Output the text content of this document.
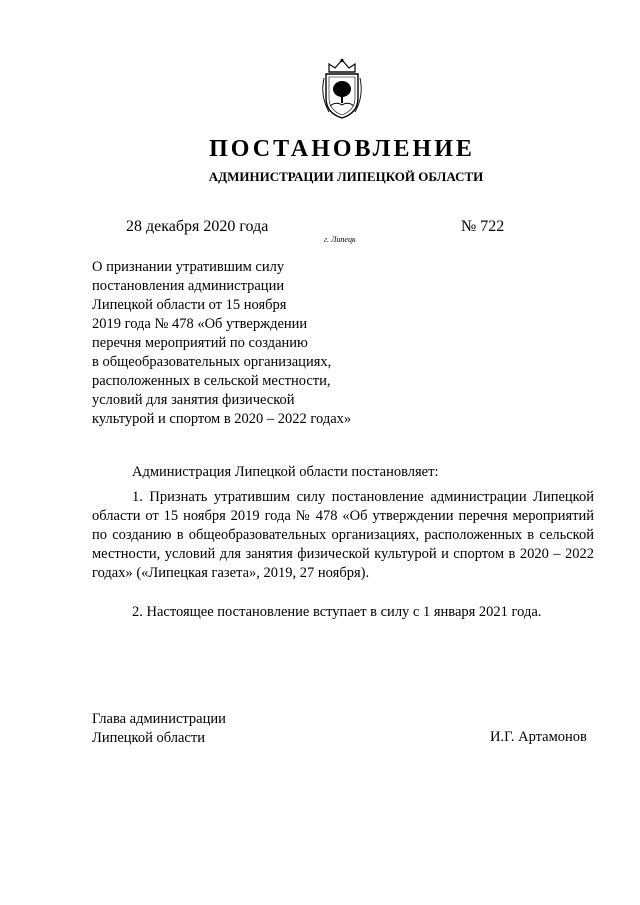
ПОСТАНОВЛЕНИЕ

АДМИНИСТРАЦИИ ЛИПЕЦКОЙ ОБЛАСТИ

28 декабря 2020 года
г. Липецк
№ 722

О признании утратившим силу
постановления администрации
Липецкой области от 15 ноября
2019 года № 478 «Об утверждении
перечня мероприятий по созданию
в общеобразовательных организациях,
расположенных в сельской местности,
условий для занятия физической
культурой и спортом в 2020 – 2022 годах»

Администрация Липецкой области постановляет:

1. Признать утратившим силу постановление администрации Липецкой области от 15 ноября 2019 года № 478 «Об утверждении перечня мероприятий по созданию в общеобразовательных организациях, расположенных в сельской местности, условий для занятия физической культурой и спортом в 2020 – 2022 годах» («Липецкая газета», 2019, 27 ноября).

2. Настоящее постановление вступает в силу с 1 января 2021 года.

Глава администрации
Липецкой области	И.Г. Артамонов
